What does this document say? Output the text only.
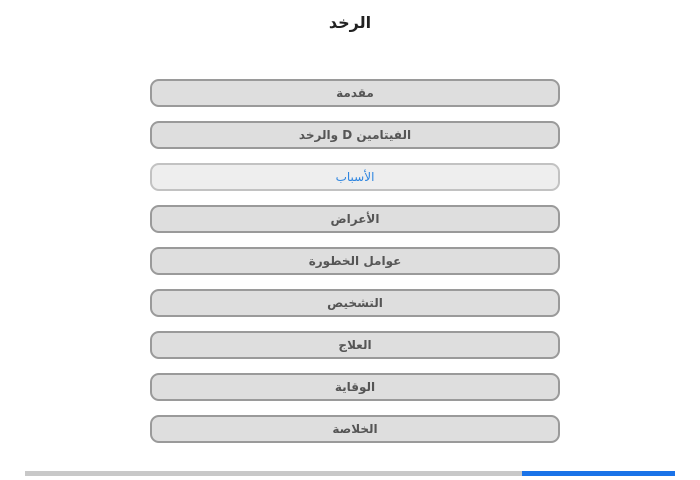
الرخد
مقدمة
الفيتامين D والرخد
الأسباب
الأعراض
عوامل الخطورة
التشخيص
العلاج
الوقاية
الخلاصة
